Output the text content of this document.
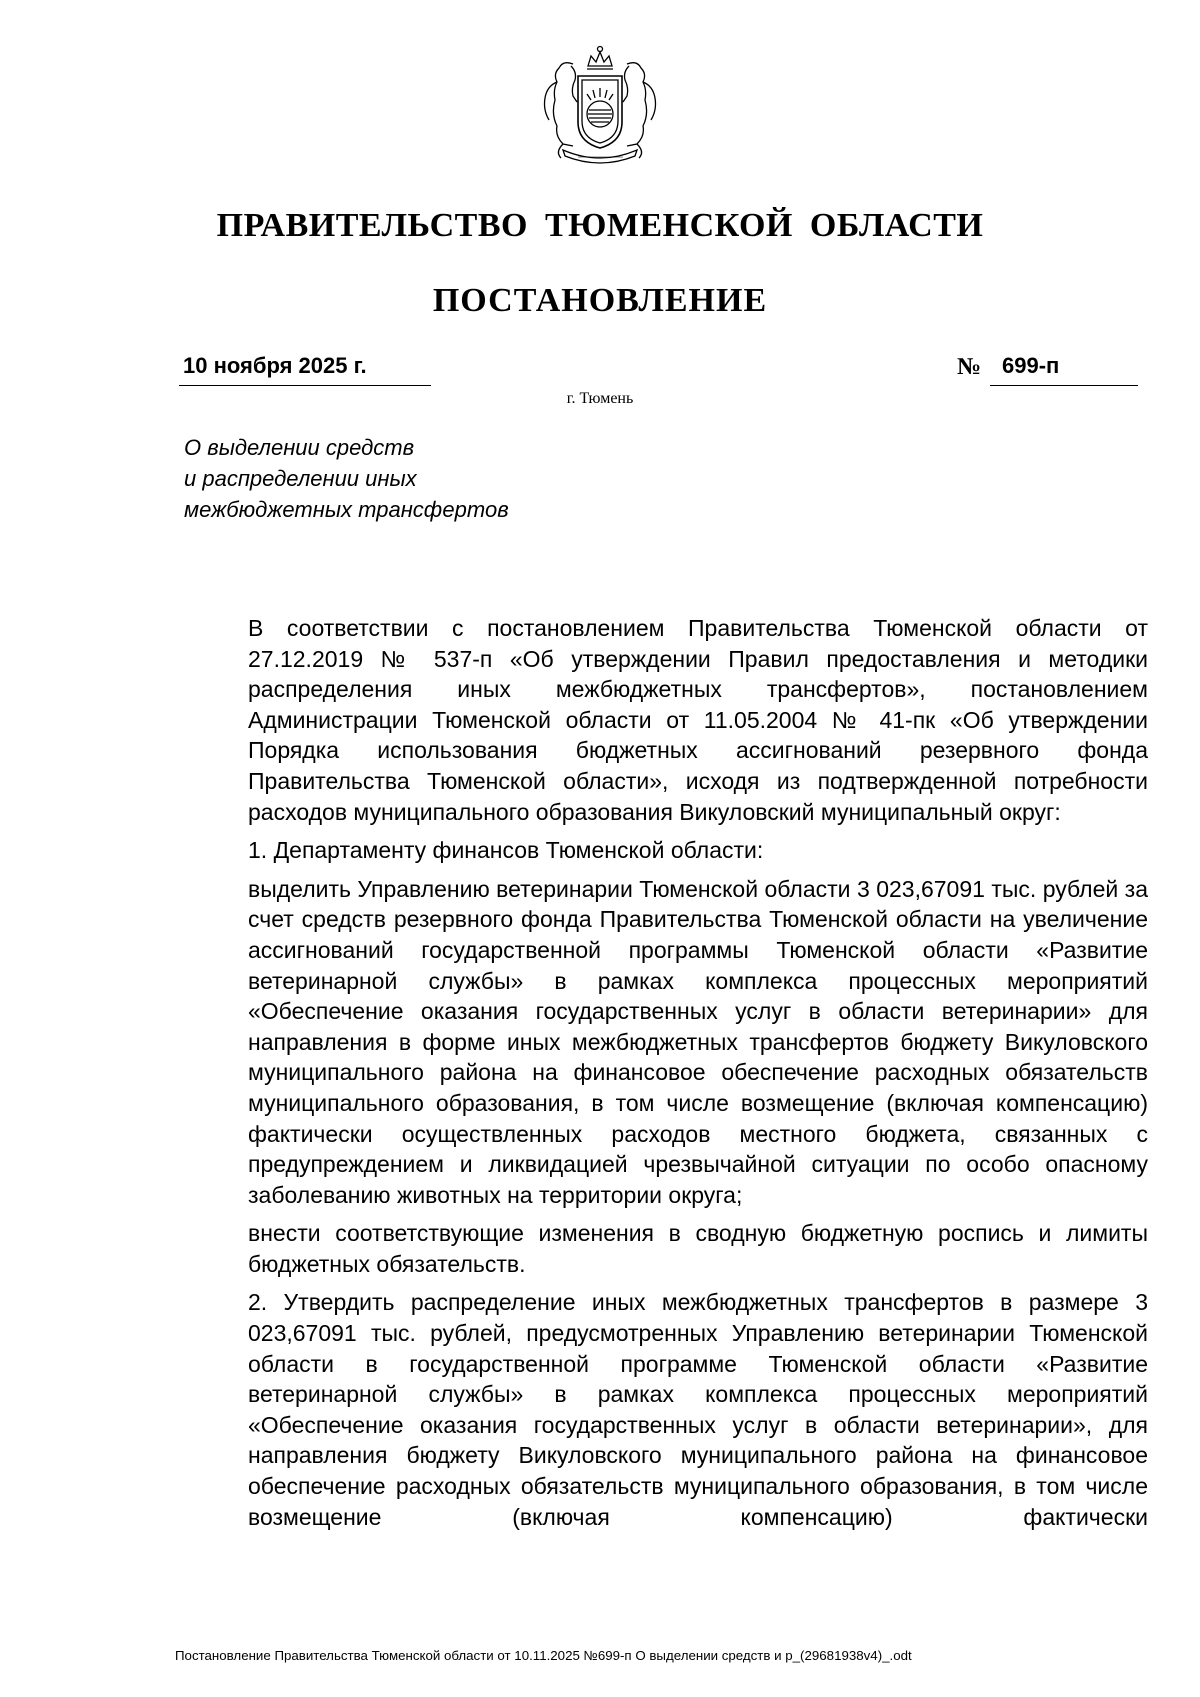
ПРАВИТЕЛЬСТВО ТЮМЕНСКОЙ ОБЛАСТИ
ПОСТАНОВЛЕНИЕ
10 ноября 2025 г.	№ 699-п
г. Тюмень
О выделении средств
и распределении иных
межбюджетных трансфертов

В соответствии с постановлением Правительства Тюменской области от 27.12.2019 № 537-п «Об утверждении Правил предоставления и методики распределения иных межбюджетных трансфертов», постановлением Администрации Тюменской области от 11.05.2004 № 41-пк «Об утверждении Порядка использования бюджетных ассигнований резервного фонда Правительства Тюменской области», исходя из подтвержденной потребности расходов муниципального образования Викуловский муниципальный округ:

1. Департаменту финансов Тюменской области:

выделить Управлению ветеринарии Тюменской области 3 023,67091 тыс. рублей за счет средств резервного фонда Правительства Тюменской области на увеличение ассигнований государственной программы Тюменской области «Развитие ветеринарной службы» в рамках комплекса процессных мероприятий «Обеспечение оказания государственных услуг в области ветеринарии» для направления в форме иных межбюджетных трансфертов бюджету Викуловского муниципального района на финансовое обеспечение расходных обязательств муниципального образования, в том числе возмещение (включая компенсацию) фактически осуществленных расходов местного бюджета, связанных с предупреждением и ликвидацией чрезвычайной ситуации по особо опасному заболеванию животных на территории округа;

внести соответствующие изменения в сводную бюджетную роспись и лимиты бюджетных обязательств.

2. Утвердить распределение иных межбюджетных трансфертов в размере 3 023,67091 тыс. рублей, предусмотренных Управлению ветеринарии Тюменской области в государственной программе Тюменской области «Развитие ветеринарной службы» в рамках комплекса процессных мероприятий «Обеспечение оказания государственных услуг в области ветеринарии», для направления бюджету Викуловского муниципального района на финансовое обеспечение расходных обязательств муниципального образования, в том числе возмещение (включая компенсацию) фактически

Постановление Правительства Тюменской области от 10.11.2025 №699-п О выделении средств и р_(29681938v4)_.odt
